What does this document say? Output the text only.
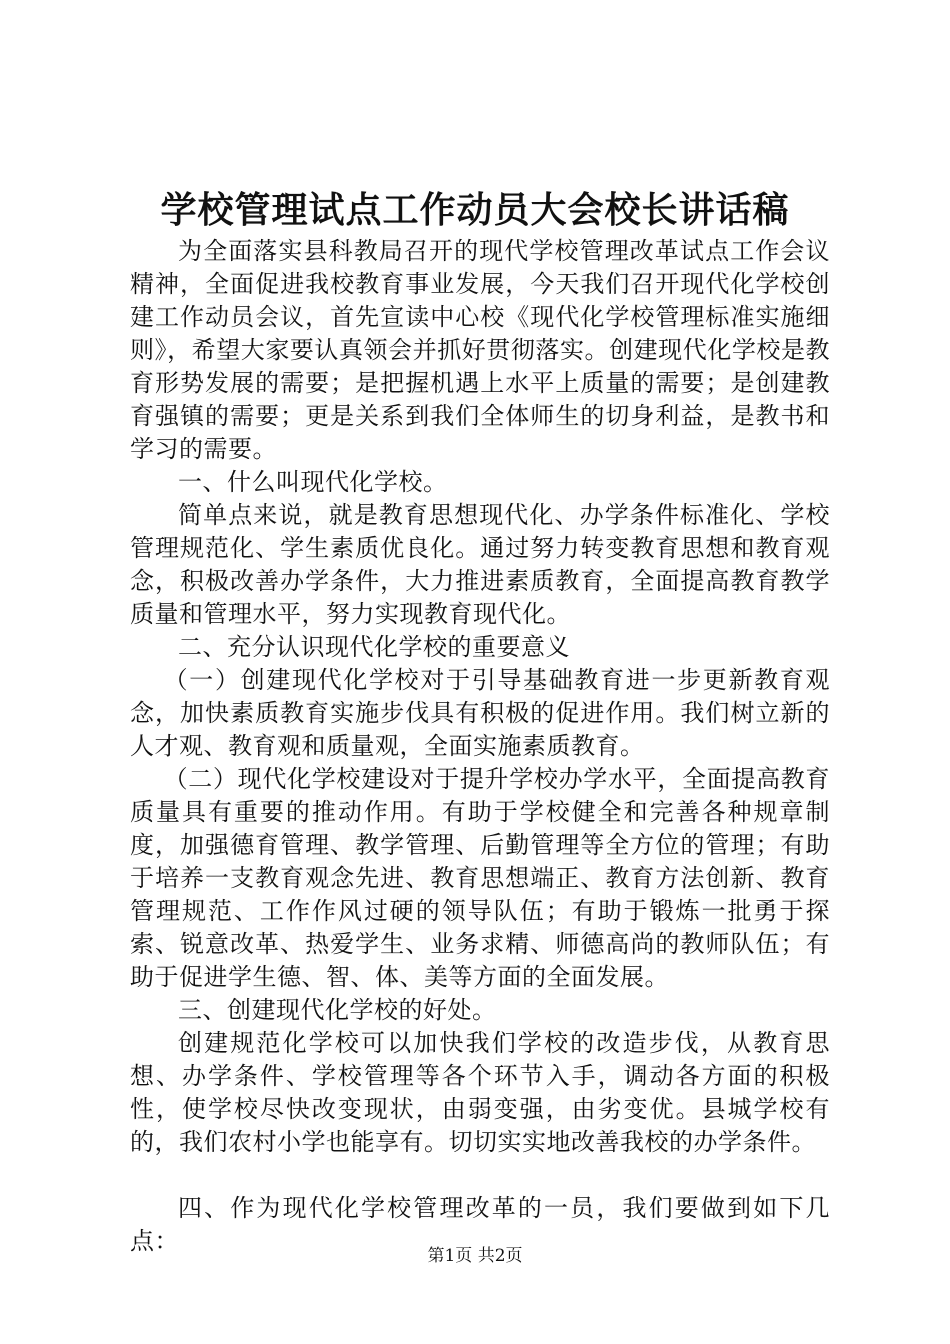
学校管理试点工作动员大会校长讲话稿

为全面落实县科教局召开的现代学校管理改革试点工作会议精神，全面促进我校教育事业发展，今天我们召开现代化学校创建工作动员会议，首先宣读中心校《现代化学校管理标准实施细则》，希望大家要认真领会并抓好贯彻落实。创建现代化学校是教育形势发展的需要；是把握机遇上水平上质量的需要；是创建教育强镇的需要；更是关系到我们全体师生的切身利益，是教书和学习的需要。

一、什么叫现代化学校。

简单点来说，就是教育思想现代化、办学条件标准化、学校管理规范化、学生素质优良化。通过努力转变教育思想和教育观念，积极改善办学条件，大力推进素质教育，全面提高教育教学质量和管理水平，努力实现教育现代化。

二、充分认识现代化学校的重要意义

（一）创建现代化学校对于引导基础教育进一步更新教育观念，加快素质教育实施步伐具有积极的促进作用。我们树立新的人才观、教育观和质量观，全面实施素质教育。

（二）现代化学校建设对于提升学校办学水平，全面提高教育质量具有重要的推动作用。有助于学校健全和完善各种规章制度，加强德育管理、教学管理、后勤管理等全方位的管理；有助于培养一支教育观念先进、教育思想端正、教育方法创新、教育管理规范、工作作风过硬的领导队伍；有助于锻炼一批勇于探索、锐意改革、热爱学生、业务求精、师德高尚的教师队伍；有助于促进学生德、智、体、美等方面的全面发展。

三、创建现代化学校的好处。

创建规范化学校可以加快我们学校的改造步伐，从教育思想、办学条件、学校管理等各个环节入手，调动各方面的积极性，使学校尽快改变现状，由弱变强，由劣变优。县城学校有的，我们农村小学也能享有。切切实实地改善我校的办学条件。

四、作为现代化学校管理改革的一员，我们要做到如下几点：

第1页 共2页
